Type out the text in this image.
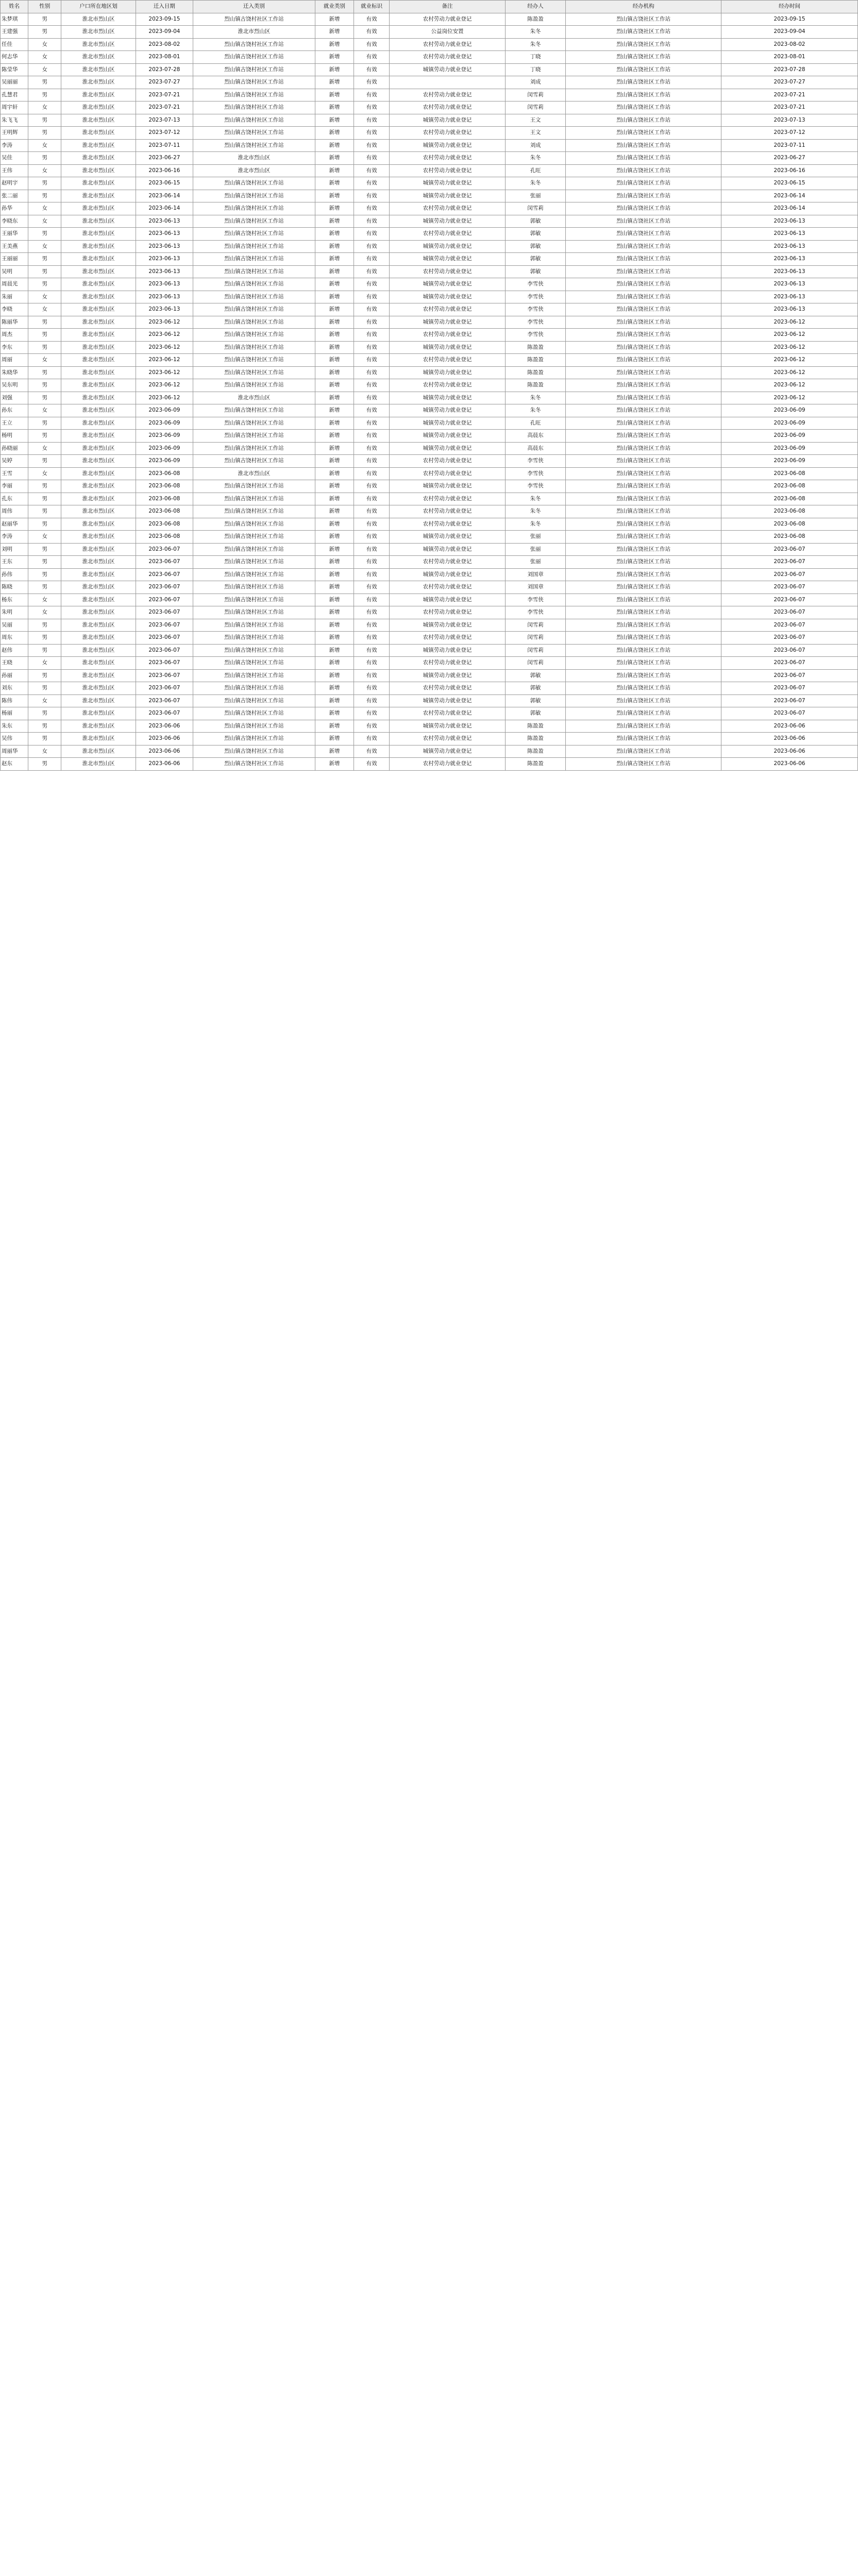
姓名	性别	户口所在地区划	迁入日期	迁入类别	就业类别	就业标识	备注	经办人	经办机构	经办时间
朱梦琪	男	淮北市烈山区	2023-09-15	烈山镇古饶村社区工作站	新增	有效	农村劳动力就业登记	陈盈盈	烈山镇古饶社区工作站	2023-09-15
王建强	男	淮北市烈山区	2023-09-04	淮北市烈山区	新增	有效	公益岗位安置	朱冬	烈山镇古饶社区工作站	2023-09-04
任佳	女	淮北市烈山区	2023-08-02	烈山镇古饶村社区工作站	新增	有效	农村劳动力就业登记	朱冬	烈山镇古饶社区工作站	2023-08-02
何志华	女	淮北市烈山区	2023-08-01	烈山镇古饶村社区工作站	新增	有效	农村劳动力就业登记	丁晓	烈山镇古饶社区工作站	2023-08-01
陈莹华	女	淮北市烈山区	2023-07-28	烈山镇古饶村社区工作站	新增	有效	城镇劳动力就业登记	丁晓	烈山镇古饶社区工作站	2023-07-28
吴丽丽	男	淮北市烈山区	2023-07-27	烈山镇古饶村社区工作站	新增	有效		刘成	烈山镇古饶社区工作站	2023-07-27
孔慧君	男	淮北市烈山区	2023-07-21	烈山镇古饶村社区工作站	新增	有效	农村劳动力就业登记	闵雪莉	烈山镇古饶社区工作站	2023-07-21
周宇轩	女	淮北市烈山区	2023-07-21	烈山镇古饶村社区工作站	新增	有效	农村劳动力就业登记	闵雪莉	烈山镇古饶社区工作站	2023-07-21
朱飞飞	男	淮北市烈山区	2023-07-13	烈山镇古饶村社区工作站	新增	有效	城镇劳动力就业登记	王文	烈山镇古饶社区工作站	2023-07-13
王明辉	男	淮北市烈山区	2023-07-12	烈山镇古饶村社区工作站	新增	有效	农村劳动力就业登记	王文	烈山镇古饶社区工作站	2023-07-12
李涛	女	淮北市烈山区	2023-07-11	烈山镇古饶村社区工作站	新增	有效	城镇劳动力就业登记	刘成	烈山镇古饶社区工作站	2023-07-11
吴佳	男	淮北市烈山区	2023-06-27	淮北市烈山区	新增	有效	农村劳动力就业登记	朱冬	烈山镇古饶社区工作站	2023-06-27
王伟	女	淮北市烈山区	2023-06-16	淮北市烈山区	新增	有效	农村劳动力就业登记	孔旺	烈山镇古饶社区工作站	2023-06-16
赵明宇	男	淮北市烈山区	2023-06-15	烈山镇古饶村社区工作站	新增	有效	城镇劳动力就业登记	朱冬	烈山镇古饶社区工作站	2023-06-15
张二丽	男	淮北市烈山区	2023-06-14	烈山镇古饶村社区工作站	新增	有效	城镇劳动力就业登记	张丽	烈山镇古饶社区工作站	2023-06-14
孙华	女	淮北市烈山区	2023-06-14	烈山镇古饶村社区工作站	新增	有效	农村劳动力就业登记	闵雪莉	烈山镇古饶社区工作站	2023-06-14
李晓东	女	淮北市烈山区	2023-06-13	烈山镇古饶村社区工作站	新增	有效	城镇劳动力就业登记	郭敏	烈山镇古饶社区工作站	2023-06-13
王丽华	男	淮北市烈山区	2023-06-13	烈山镇古饶村社区工作站	新增	有效	农村劳动力就业登记	郭敏	烈山镇古饶社区工作站	2023-06-13
王美燕	女	淮北市烈山区	2023-06-13	烈山镇古饶村社区工作站	新增	有效	城镇劳动力就业登记	郭敏	烈山镇古饶社区工作站	2023-06-13
王丽丽	男	淮北市烈山区	2023-06-13	烈山镇古饶村社区工作站	新增	有效	城镇劳动力就业登记	郭敏	烈山镇古饶社区工作站	2023-06-13
吴明	男	淮北市烈山区	2023-06-13	烈山镇古饶村社区工作站	新增	有效	农村劳动力就业登记	郭敏	烈山镇古饶社区工作站	2023-06-13
周晨光	男	淮北市烈山区	2023-06-13	烈山镇古饶村社区工作站	新增	有效	城镇劳动力就业登记	李雪侠	烈山镇古饶社区工作站	2023-06-13
朱丽	女	淮北市烈山区	2023-06-13	烈山镇古饶村社区工作站	新增	有效	城镇劳动力就业登记	李雪侠	烈山镇古饶社区工作站	2023-06-13
李晓	女	淮北市烈山区	2023-06-13	烈山镇古饶村社区工作站	新增	有效	农村劳动力就业登记	李雪侠	烈山镇古饶社区工作站	2023-06-13
陈丽华	男	淮北市烈山区	2023-06-12	烈山镇古饶村社区工作站	新增	有效	城镇劳动力就业登记	李雪侠	烈山镇古饶社区工作站	2023-06-12
周杰	男	淮北市烈山区	2023-06-12	烈山镇古饶村社区工作站	新增	有效	农村劳动力就业登记	李雪侠	烈山镇古饶社区工作站	2023-06-12
李东	男	淮北市烈山区	2023-06-12	烈山镇古饶村社区工作站	新增	有效	城镇劳动力就业登记	陈盈盈	烈山镇古饶社区工作站	2023-06-12
周丽	女	淮北市烈山区	2023-06-12	烈山镇古饶村社区工作站	新增	有效	农村劳动力就业登记	陈盈盈	烈山镇古饶社区工作站	2023-06-12
朱晓华	男	淮北市烈山区	2023-06-12	烈山镇古饶村社区工作站	新增	有效	城镇劳动力就业登记	陈盈盈	烈山镇古饶社区工作站	2023-06-12
吴东明	男	淮北市烈山区	2023-06-12	烈山镇古饶村社区工作站	新增	有效	农村劳动力就业登记	陈盈盈	烈山镇古饶社区工作站	2023-06-12
刘强	男	淮北市烈山区	2023-06-12	淮北市烈山区	新增	有效	城镇劳动力就业登记	朱冬	烈山镇古饶社区工作站	2023-06-12
孙东	女	淮北市烈山区	2023-06-09	烈山镇古饶村社区工作站	新增	有效	城镇劳动力就业登记	朱冬	烈山镇古饶社区工作站	2023-06-09
王立	男	淮北市烈山区	2023-06-09	烈山镇古饶村社区工作站	新增	有效	城镇劳动力就业登记	孔旺	烈山镇古饶社区工作站	2023-06-09
杨明	男	淮北市烈山区	2023-06-09	烈山镇古饶村社区工作站	新增	有效	城镇劳动力就业登记	高晨东	烈山镇古饶社区工作站	2023-06-09
孙晓丽	女	淮北市烈山区	2023-06-09	烈山镇古饶村社区工作站	新增	有效	城镇劳动力就业登记	高晨东	烈山镇古饶社区工作站	2023-06-09
吴婷	男	淮北市烈山区	2023-06-09	烈山镇古饶村社区工作站	新增	有效	农村劳动力就业登记	李雪侠	烈山镇古饶社区工作站	2023-06-09
王雪	女	淮北市烈山区	2023-06-08	淮北市烈山区	新增	有效	农村劳动力就业登记	李雪侠	烈山镇古饶社区工作站	2023-06-08
李丽	男	淮北市烈山区	2023-06-08	烈山镇古饶村社区工作站	新增	有效	城镇劳动力就业登记	李雪侠	烈山镇古饶社区工作站	2023-06-08
孔东	男	淮北市烈山区	2023-06-08	烈山镇古饶村社区工作站	新增	有效	农村劳动力就业登记	朱冬	烈山镇古饶社区工作站	2023-06-08
周伟	男	淮北市烈山区	2023-06-08	烈山镇古饶村社区工作站	新增	有效	农村劳动力就业登记	朱冬	烈山镇古饶社区工作站	2023-06-08
赵丽华	男	淮北市烈山区	2023-06-08	烈山镇古饶村社区工作站	新增	有效	农村劳动力就业登记	朱冬	烈山镇古饶社区工作站	2023-06-08
李涛	女	淮北市烈山区	2023-06-08	烈山镇古饶村社区工作站	新增	有效	城镇劳动力就业登记	张丽	烈山镇古饶社区工作站	2023-06-08
刘明	男	淮北市烈山区	2023-06-07	烈山镇古饶村社区工作站	新增	有效	城镇劳动力就业登记	张丽	烈山镇古饶社区工作站	2023-06-07
王东	男	淮北市烈山区	2023-06-07	烈山镇古饶村社区工作站	新增	有效	农村劳动力就业登记	张丽	烈山镇古饶社区工作站	2023-06-07
孙伟	男	淮北市烈山区	2023-06-07	烈山镇古饶村社区工作站	新增	有效	城镇劳动力就业登记	刘国章	烈山镇古饶社区工作站	2023-06-07
陈晓	男	淮北市烈山区	2023-06-07	烈山镇古饶村社区工作站	新增	有效	农村劳动力就业登记	刘国章	烈山镇古饶社区工作站	2023-06-07
杨东	女	淮北市烈山区	2023-06-07	烈山镇古饶村社区工作站	新增	有效	城镇劳动力就业登记	李雪侠	烈山镇古饶社区工作站	2023-06-07
朱明	女	淮北市烈山区	2023-06-07	烈山镇古饶村社区工作站	新增	有效	农村劳动力就业登记	李雪侠	烈山镇古饶社区工作站	2023-06-07
吴丽	男	淮北市烈山区	2023-06-07	烈山镇古饶村社区工作站	新增	有效	城镇劳动力就业登记	闵雪莉	烈山镇古饶社区工作站	2023-06-07
周东	男	淮北市烈山区	2023-06-07	烈山镇古饶村社区工作站	新增	有效	农村劳动力就业登记	闵雪莉	烈山镇古饶社区工作站	2023-06-07
赵伟	男	淮北市烈山区	2023-06-07	烈山镇古饶村社区工作站	新增	有效	城镇劳动力就业登记	闵雪莉	烈山镇古饶社区工作站	2023-06-07
王晓	女	淮北市烈山区	2023-06-07	烈山镇古饶村社区工作站	新增	有效	农村劳动力就业登记	闵雪莉	烈山镇古饶社区工作站	2023-06-07
孙丽	男	淮北市烈山区	2023-06-07	烈山镇古饶村社区工作站	新增	有效	城镇劳动力就业登记	郭敏	烈山镇古饶社区工作站	2023-06-07
刘东	男	淮北市烈山区	2023-06-07	烈山镇古饶村社区工作站	新增	有效	农村劳动力就业登记	郭敏	烈山镇古饶社区工作站	2023-06-07
陈伟	女	淮北市烈山区	2023-06-07	烈山镇古饶村社区工作站	新增	有效	城镇劳动力就业登记	郭敏	烈山镇古饶社区工作站	2023-06-07
杨丽	男	淮北市烈山区	2023-06-07	烈山镇古饶村社区工作站	新增	有效	农村劳动力就业登记	郭敏	烈山镇古饶社区工作站	2023-06-07
朱东	男	淮北市烈山区	2023-06-06	烈山镇古饶村社区工作站	新增	有效	城镇劳动力就业登记	陈盈盈	烈山镇古饶社区工作站	2023-06-06
吴伟	男	淮北市烈山区	2023-06-06	烈山镇古饶村社区工作站	新增	有效	农村劳动力就业登记	陈盈盈	烈山镇古饶社区工作站	2023-06-06
周丽华	女	淮北市烈山区	2023-06-06	烈山镇古饶村社区工作站	新增	有效	城镇劳动力就业登记	陈盈盈	烈山镇古饶社区工作站	2023-06-06
赵东	男	淮北市烈山区	2023-06-06	烈山镇古饶村社区工作站	新增	有效	农村劳动力就业登记	陈盈盈	烈山镇古饶社区工作站	2023-06-06
